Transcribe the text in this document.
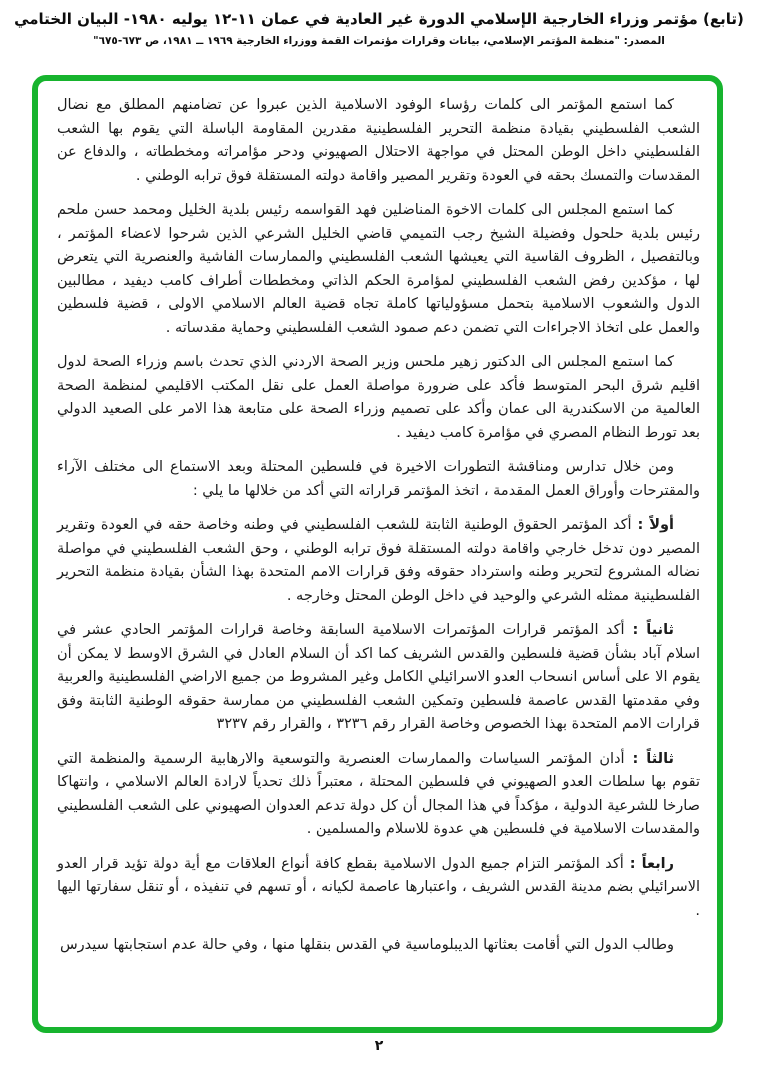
(تابع) مؤتمر وزراء الخارجية الإسلامي الدورة غير العادية في عمان ١١-١٢ يوليه ١٩٨٠- البيان الختامي
المصدر: "منظمة المؤتمر الإسلامي، بيانات وقرارات مؤتمرات القمة ووزراء الخارجية ١٩٦٩ ــ ١٩٨١، ص ٦٧٣-٦٧٥"

كما استمع المؤتمر الى كلمات رؤساء الوفود الاسلامية الذين عبروا عن تضامنهم المطلق مع نضال الشعب الفلسطيني بقيادة منظمة التحرير الفلسطينية مقدرين المقاومة الباسلة التي يقوم بها الشعب الفلسطيني داخل الوطن المحتل في مواجهة الاحتلال الصهيوني ودحر مؤامراته ومخططاته ، والدفاع عن المقدسات والتمسك بحقه في العودة وتقرير المصير واقامة دولته المستقلة فوق ترابه الوطني .

كما استمع المجلس الى كلمات الاخوة المناضلين فهد القواسمه رئيس بلدية الخليل ومحمد حسن ملحم رئيس بلدية حلحول وفضيلة الشيخ رجب التميمي قاضي الخليل الشرعي الذين شرحوا لاعضاء المؤتمر ، وبالتفصيل ، الظروف القاسية التي يعيشها الشعب الفلسطيني والممارسات الفاشية والعنصرية التي يتعرض لها ، مؤكدين رفض الشعب الفلسطيني لمؤامرة الحكم الذاتي ومخططات أطراف كامب ديفيد ، مطالبين الدول والشعوب الاسلامية بتحمل مسؤولياتها كاملة تجاه قضية العالم الاسلامي الاولى ، قضية فلسطين والعمل على اتخاذ الاجراءات التي تضمن دعم صمود الشعب الفلسطيني وحماية مقدساته .

كما استمع المجلس الى الدكتور زهير ملحس وزير الصحة الاردني الذي تحدث باسم وزراء الصحة لدول اقليم شرق البحر المتوسط فأكد على ضرورة مواصلة العمل على نقل المكتب الاقليمي لمنظمة الصحة العالمية من الاسكندرية الى عمان وأكد على تصميم وزراء الصحة على متابعة هذا الامر على الصعيد الدولي بعد تورط النظام المصري في مؤامرة كامب ديفيد .

ومن خلال تدارس ومناقشة التطورات الاخيرة في فلسطين المحتلة وبعد الاستماع الى مختلف الآراء والمقترحات وأوراق العمل المقدمة ، اتخذ المؤتمر قراراته التي أكد من خلالها ما يلي :

أولاً : أكد المؤتمر الحقوق الوطنية الثابتة للشعب الفلسطيني في وطنه وخاصة حقه في العودة وتقرير المصير دون تدخل خارجي واقامة دولته المستقلة فوق ترابه الوطني ، وحق الشعب الفلسطيني في مواصلة نضاله المشروع لتحرير وطنه واسترداد حقوقه وفق قرارات الامم المتحدة بهذا الشأن بقيادة منظمة التحرير الفلسطينية ممثله الشرعي والوحيد في داخل الوطن المحتل وخارجه .

ثانياً : أكد المؤتمر قرارات المؤتمرات الاسلامية السابقة وخاصة قرارات المؤتمر الحادي عشر في اسلام آباد بشأن قضية فلسطين والقدس الشريف كما اكد أن السلام العادل في الشرق الاوسط لا يمكن أن يقوم الا على أساس انسحاب العدو الاسرائيلي الكامل وغير المشروط من جميع الاراضي الفلسطينية والعربية وفي مقدمتها القدس عاصمة فلسطين وتمكين الشعب الفلسطيني من ممارسة حقوقه الوطنية الثابتة وفق قرارات الامم المتحدة بهذا الخصوص وخاصة القرار رقم ٣٢٣٦ ، والقرار رقم ٣٢٣٧

ثالثاً : أدان المؤتمر السياسات والممارسات العنصرية والتوسعية والارهابية الرسمية والمنظمة التي تقوم بها سلطات العدو الصهيوني في فلسطين المحتلة ، معتبراً ذلك تحدياً لارادة العالم الاسلامي ، وانتهاكا صارخا للشرعية الدولية ، مؤكداً في هذا المجال أن كل دولة تدعم العدوان الصهيوني على الشعب الفلسطيني والمقدسات الاسلامية في فلسطين هي عدوة للاسلام والمسلمين .

رابعاً : أكد المؤتمر التزام جميع الدول الاسلامية بقطع كافة أنواع العلاقات مع أية دولة تؤيد قرار العدو الاسرائيلي بضم مدينة القدس الشريف ، واعتبارها عاصمة لكيانه ، أو تسهم في تنفيذه ، أو تنقل سفارتها اليها .

وطالب الدول التي أقامت بعثاتها الديبلوماسية في القدس بنقلها منها ، وفي حالة عدم استجابتها سيدرس

٢
